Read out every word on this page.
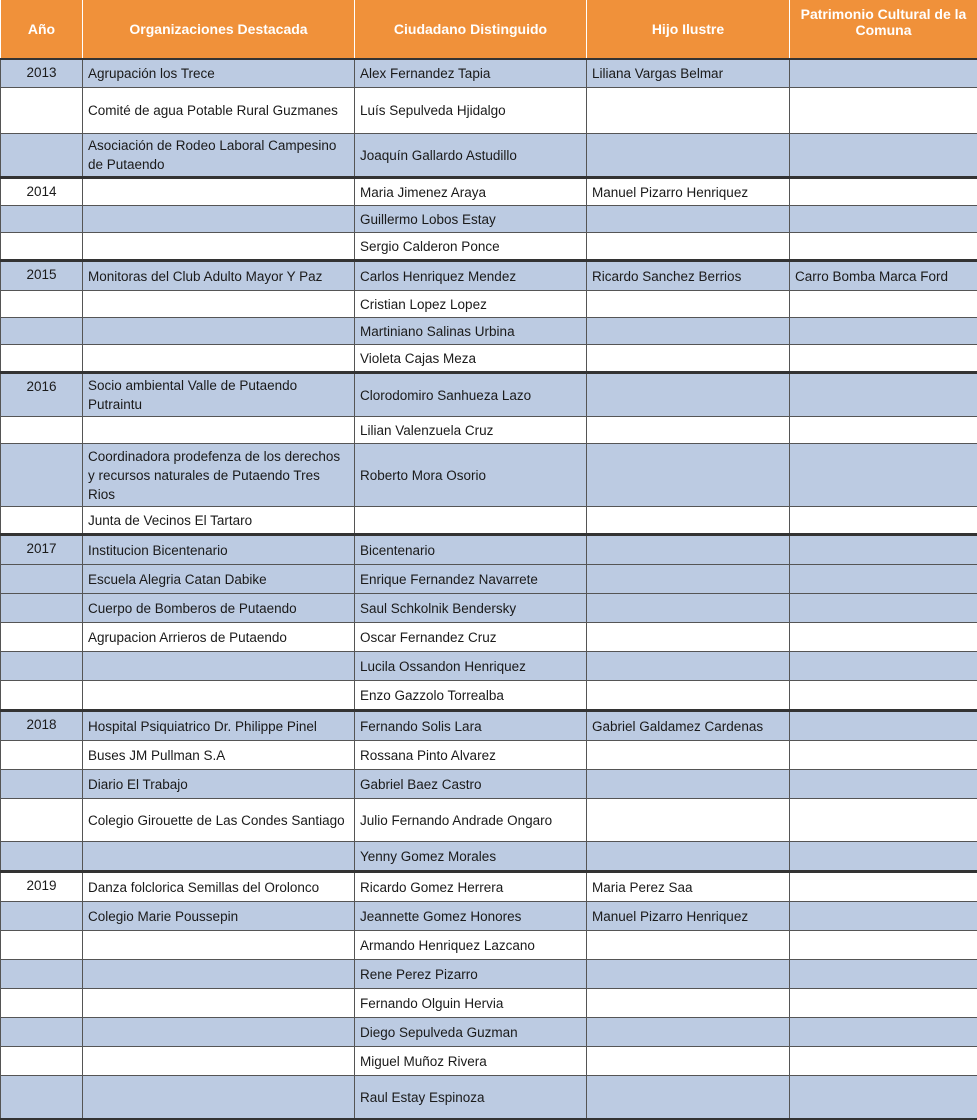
Año	Organizaciones Destacada	Ciudadano Distinguido	Hijo Ilustre	Patrimonio Cultural de la Comuna
2013	Agrupación los Trece	Alex Fernandez Tapia	Liliana Vargas Belmar	
	Comité de agua Potable Rural Guzmanes	Luís Sepulveda Hjidalgo		
	Asociación de Rodeo Laboral Campesino de Putaendo	Joaquín Gallardo Astudillo		
2014		Maria Jimenez Araya	Manuel Pizarro Henriquez	
		Guillermo Lobos Estay		
		Sergio Calderon Ponce		
2015	Monitoras del Club Adulto Mayor Y Paz	Carlos Henriquez Mendez	Ricardo Sanchez Berrios	Carro Bomba Marca Ford
		Cristian Lopez Lopez		
		Martiniano Salinas Urbina		
		Violeta Cajas Meza		
2016	Socio ambiental Valle de Putaendo Putraintu	Clorodomiro Sanhueza Lazo		
		Lilian Valenzuela Cruz		
	Coordinadora prodefenza de los derechos y recursos naturales de Putaendo Tres Rios	Roberto Mora Osorio		
	Junta de Vecinos El Tartaro			
2017	Institucion Bicentenario	Bicentenario		
	Escuela Alegria Catan Dabike	Enrique Fernandez Navarrete		
	Cuerpo de Bomberos de Putaendo	Saul Schkolnik Bendersky		
	Agrupacion Arrieros de Putaendo	Oscar Fernandez Cruz		
		Lucila Ossandon Henriquez		
		Enzo Gazzolo Torrealba		
2018	Hospital Psiquiatrico Dr. Philippe Pinel	Fernando Solis Lara	Gabriel Galdamez Cardenas	
	Buses JM Pullman S.A	Rossana Pinto Alvarez		
	Diario El Trabajo	Gabriel Baez Castro		
	Colegio Girouette de Las Condes Santiago	Julio Fernando Andrade Ongaro		
		Yenny Gomez Morales		
2019	Danza folclorica Semillas del Orolonco	Ricardo Gomez Herrera	Maria Perez Saa	
	Colegio Marie Poussepin	Jeannette Gomez Honores	Manuel Pizarro Henriquez	
		Armando Henriquez Lazcano		
		Rene Perez Pizarro		
		Fernando Olguin Hervia		
		Diego Sepulveda Guzman		
		Miguel Muñoz Rivera		
		Raul Estay Espinoza		
